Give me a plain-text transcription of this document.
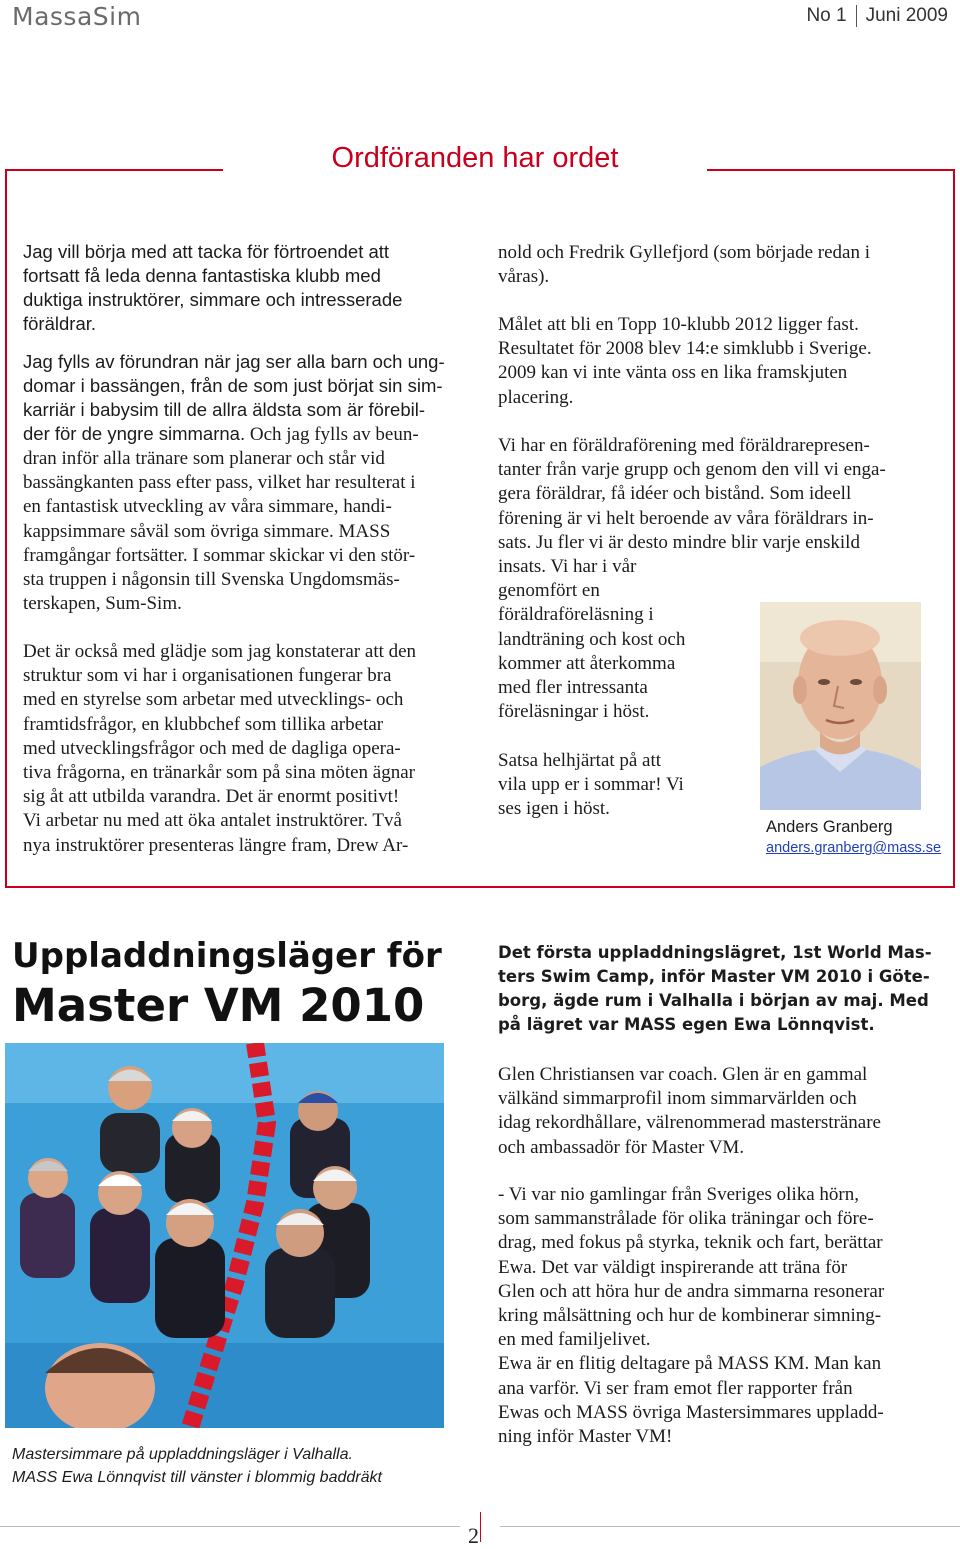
MassaSim	No 1 Juni 2009
Ordföranden har ordet
Jag vill börja med att tacka för förtroendet att
fortsatt få leda denna fantastiska klubb med
duktiga instruktörer, simmare och intresserade
föräldrar.
Jag fylls av förundran när jag ser alla barn och ung-
domar i bassängen, från de som just börjat sin sim-
karriär i babysim till de allra äldsta som är förebil-
der för de yngre simmarna. Och jag fylls av beun-
dran inför alla tränare som planerar och står vid
bassängkanten pass efter pass, vilket har resulterat i
en fantastisk utveckling av våra simmare, handi-
kappsimmare såväl som övriga simmare. MASS
framgångar fortsätter. I sommar skickar vi den stör-
sta truppen i någonsin till Svenska Ungdomsmäs-
terskapen, Sum-Sim.
Det är också med glädje som jag konstaterar att den
struktur som vi har i organisationen fungerar bra
med en styrelse som arbetar med utvecklings- och
framtidsfrågor, en klubbchef som tillika arbetar
med utvecklingsfrågor och med de dagliga opera-
tiva frågorna, en tränarkår som på sina möten ägnar
sig åt att utbilda varandra. Det är enormt positivt!
Vi arbetar nu med att öka antalet instruktörer. Två
nya instruktörer presenteras längre fram, Drew Ar-
nold och Fredrik Gyllefjord (som började redan i
våras).
Målet att bli en Topp 10-klubb 2012 ligger fast.
Resultatet för 2008 blev 14:e simklubb i Sverige.
2009 kan vi inte vänta oss en lika framskjuten
placering.
Vi har en föräldraförening med föräldrarepresen-
tanter från varje grupp och genom den vill vi enga-
gera föräldrar, få idéer och bistånd. Som ideell
förening är vi helt beroende av våra föräldrars in-
sats. Ju fler vi är desto mindre blir varje enskild
insats. Vi har i vår
genomfört en
föräldraföreläsning i
landträning och kost och
kommer att återkomma
med fler intressanta
föreläsningar i höst.
Satsa helhjärtat på att
vila upp er i sommar! Vi
ses igen i höst.
Anders Granberg
anders.granberg@mass.se
Uppladdningsläger för
Master VM 2010
Mastersimmare på uppladdningsläger i Valhalla.
MASS Ewa Lönnqvist till vänster i blommig baddräkt
Det första uppladdningslägret, 1st World Mas-
ters Swim Camp, inför Master VM 2010 i Göte-
borg, ägde rum i Valhalla i början av maj. Med
på lägret var MASS egen Ewa Lönnqvist.
Glen Christiansen var coach. Glen är en gammal
välkänd simmarprofil inom simmarvärlden och
idag rekordhållare, välrenommerad masterstränare
och ambassadör för Master VM.
- Vi var nio gamlingar från Sveriges olika hörn,
som sammanstrålade för olika träningar och före-
drag, med fokus på styrka, teknik och fart, berättar
Ewa. Det var väldigt inspirerande att träna för
Glen och att höra hur de andra simmarna resonerar
kring målsättning och hur de kombinerar simning-
en med familjelivet.
Ewa är en flitig deltagare på MASS KM. Man kan
ana varför. Vi ser fram emot fler rapporter från
Ewas och MASS övriga Mastersimmares uppladd-
ning inför Master VM!
2
